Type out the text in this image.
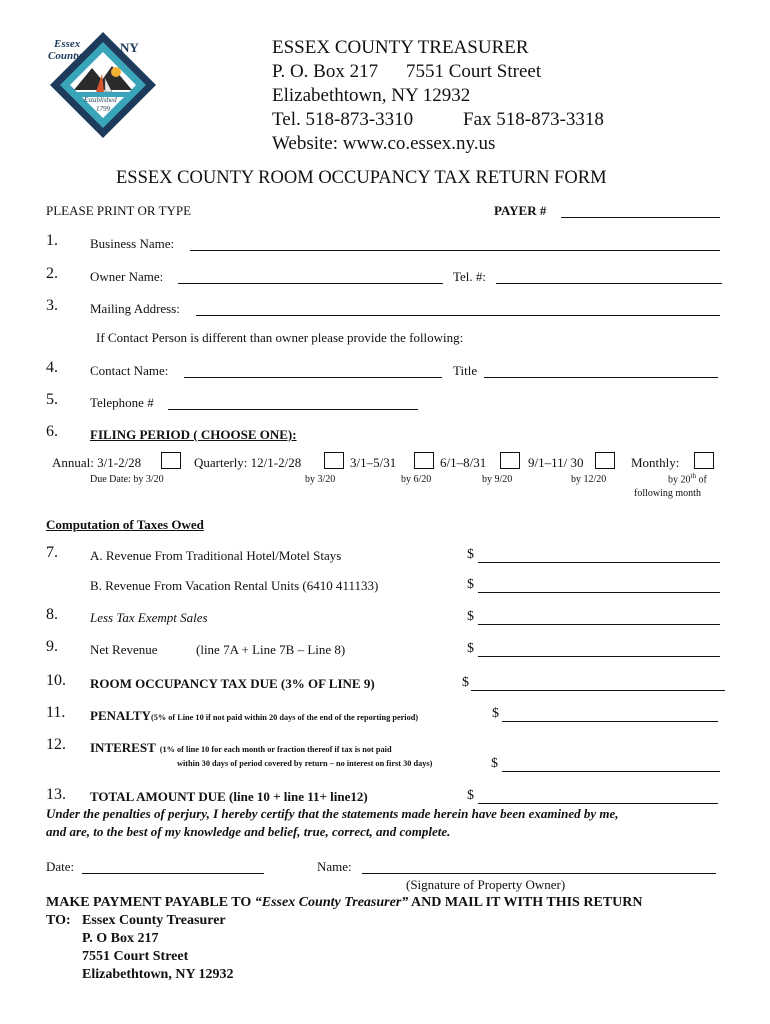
Essex
County
NY
Established
1799
ESSEX COUNTY TREASURER
P. O. Box 217 7551 Court Street
Elizabethtown, NY 12932
Tel. 518-873-3310	Fax 518-873-3318
Website: www.co.essex.ny.us
ESSEX COUNTY ROOM OCCUPANCY TAX RETURN FORM
PLEASE PRINT OR TYPE	PAYER #
1. Business Name:
2. Owner Name:	Tel. #:
3. Mailing Address:
If Contact Person is different than owner please provide the following:
4. Contact Name:	Title
5. Telephone #
6. FILING PERIOD ( CHOOSE ONE):
Annual: 3/1-2/28
Due Date: by 3/20
Quarterly: 12/1-2/28
by 3/20
3/1–5/31
by 6/20
6/1–8/31
by 9/20
9/1–11/ 30
by 12/20
Monthly:
by 20th of
following month
Computation of Taxes Owed
7. A. Revenue From Traditional Hotel/Motel Stays	$
B. Revenue From Vacation Rental Units (6410 411133)	$
8. Less Tax Exempt Sales	$
9. Net Revenue	(line 7A + Line 7B – Line 8)	$
10. ROOM OCCUPANCY TAX DUE (3% OF LINE 9)	$
11. PENALTY(5% of Line 10 if not paid within 20 days of the end of the reporting period)	$
12. INTEREST (1% of line 10 for each month or fraction thereof if tax is not paid
within 30 days of period covered by return – no interest on first 30 days)	$
13. TOTAL AMOUNT DUE (line 10 + line 11+ line12)	$
Under the penalties of perjury, I hereby certify that the statements made herein have been examined by me,
and are, to the best of my knowledge and belief, true, correct, and complete.
Date:	Name:
(Signature of Property Owner)
MAKE PAYMENT PAYABLE TO “Essex County Treasurer” AND MAIL IT WITH THIS RETURN
TO: Essex County Treasurer
P. O Box 217
7551 Court Street
Elizabethtown, NY 12932
